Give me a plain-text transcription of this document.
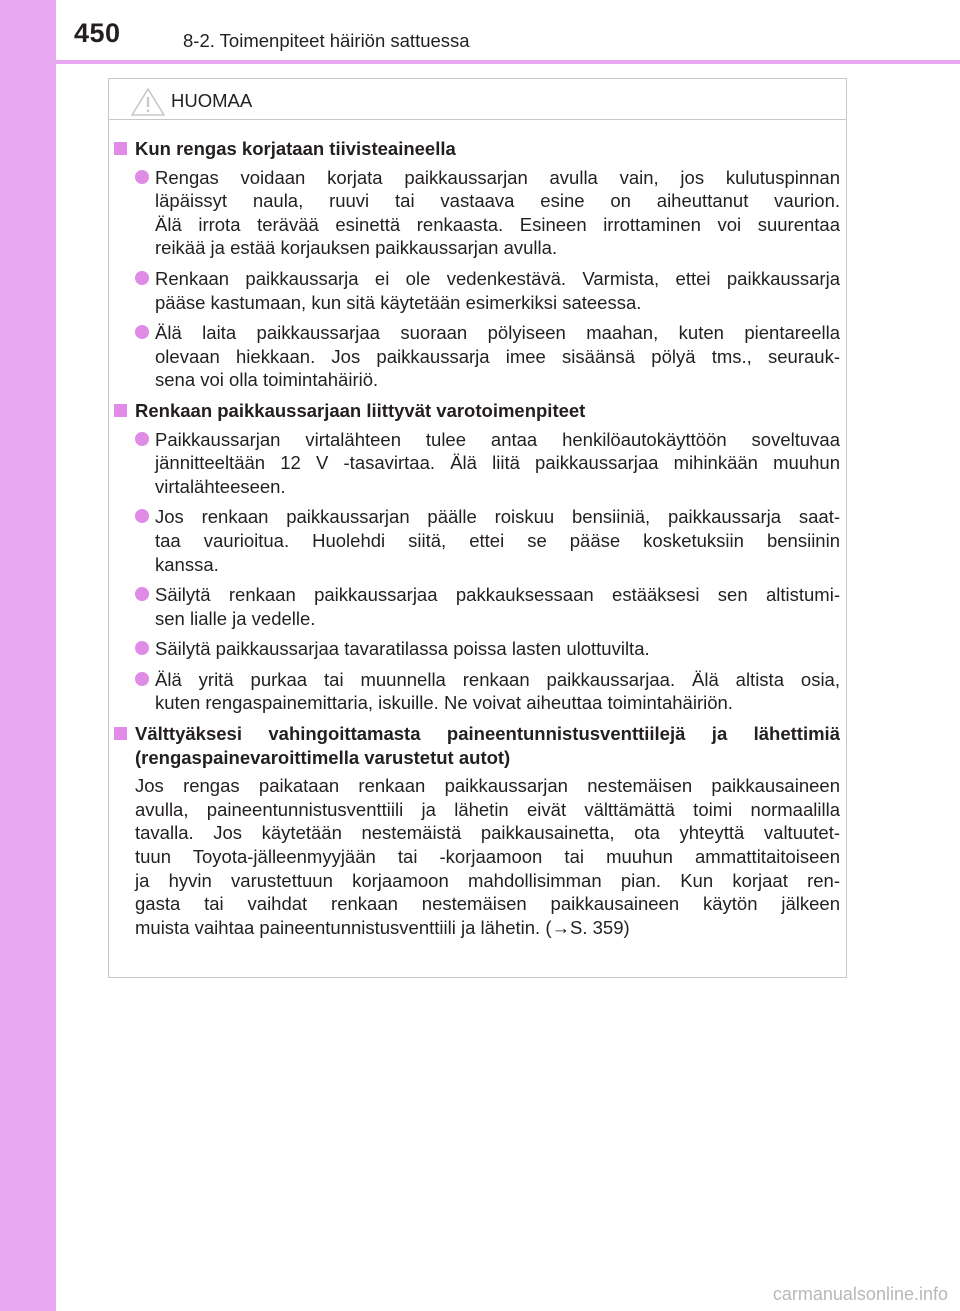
450	8-2. Toimenpiteet häiriön sattuessa
HUOMAA
Kun rengas korjataan tiivisteaineella
Rengas voidaan korjata paikkaussarjan avulla vain, jos kulutuspinnan
läpäissyt naula, ruuvi tai vastaava esine on aiheuttanut vaurion.
Älä irrota terävää esinettä renkaasta. Esineen irrottaminen voi suurentaa
reikää ja estää korjauksen paikkaussarjan avulla.
Renkaan paikkaussarja ei ole vedenkestävä. Varmista, ettei paikkaussarja
pääse kastumaan, kun sitä käytetään esimerkiksi sateessa.
Älä laita paikkaussarjaa suoraan pölyiseen maahan, kuten pientareella
olevaan hiekkaan. Jos paikkaussarja imee sisäänsä pölyä tms., seurauk-
sena voi olla toimintahäiriö.
Renkaan paikkaussarjaan liittyvät varotoimenpiteet
Paikkaussarjan virtalähteen tulee antaa henkilöautokäyttöön soveltuvaa
jännitteeltään 12 V -tasavirtaa. Älä liitä paikkaussarjaa mihinkään muuhun
virtalähteeseen.
Jos renkaan paikkaussarjan päälle roiskuu bensiiniä, paikkaussarja saat-
taa vaurioitua. Huolehdi siitä, ettei se pääse kosketuksiin bensiinin
kanssa.
Säilytä renkaan paikkaussarjaa pakkauksessaan estääksesi sen altistumi-
sen lialle ja vedelle.
Säilytä paikkaussarjaa tavaratilassa poissa lasten ulottuvilta.
Älä yritä purkaa tai muunnella renkaan paikkaussarjaa. Älä altista osia,
kuten rengaspainemittaria, iskuille. Ne voivat aiheuttaa toimintahäiriön.
Välttyäksesi vahingoittamasta paineentunnistusventtiilejä ja lähettimiä
(rengaspainevaroittimella varustetut autot)
Jos rengas paikataan renkaan paikkaussarjan nestemäisen paikkausaineen
avulla, paineentunnistusventtiili ja lähetin eivät välttämättä toimi normaalilla
tavalla. Jos käytetään nestemäistä paikkausainetta, ota yhteyttä valtuutet-
tuun Toyota-jälleenmyyjään tai -korjaamoon tai muuhun ammattitaitoiseen
ja hyvin varustettuun korjaamoon mahdollisimman pian. Kun korjaat ren-
gasta tai vaihdat renkaan nestemäisen paikkausaineen käytön jälkeen
muista vaihtaa paineentunnistusventtiili ja lähetin. (→S. 359)
carmanualsonline.info
